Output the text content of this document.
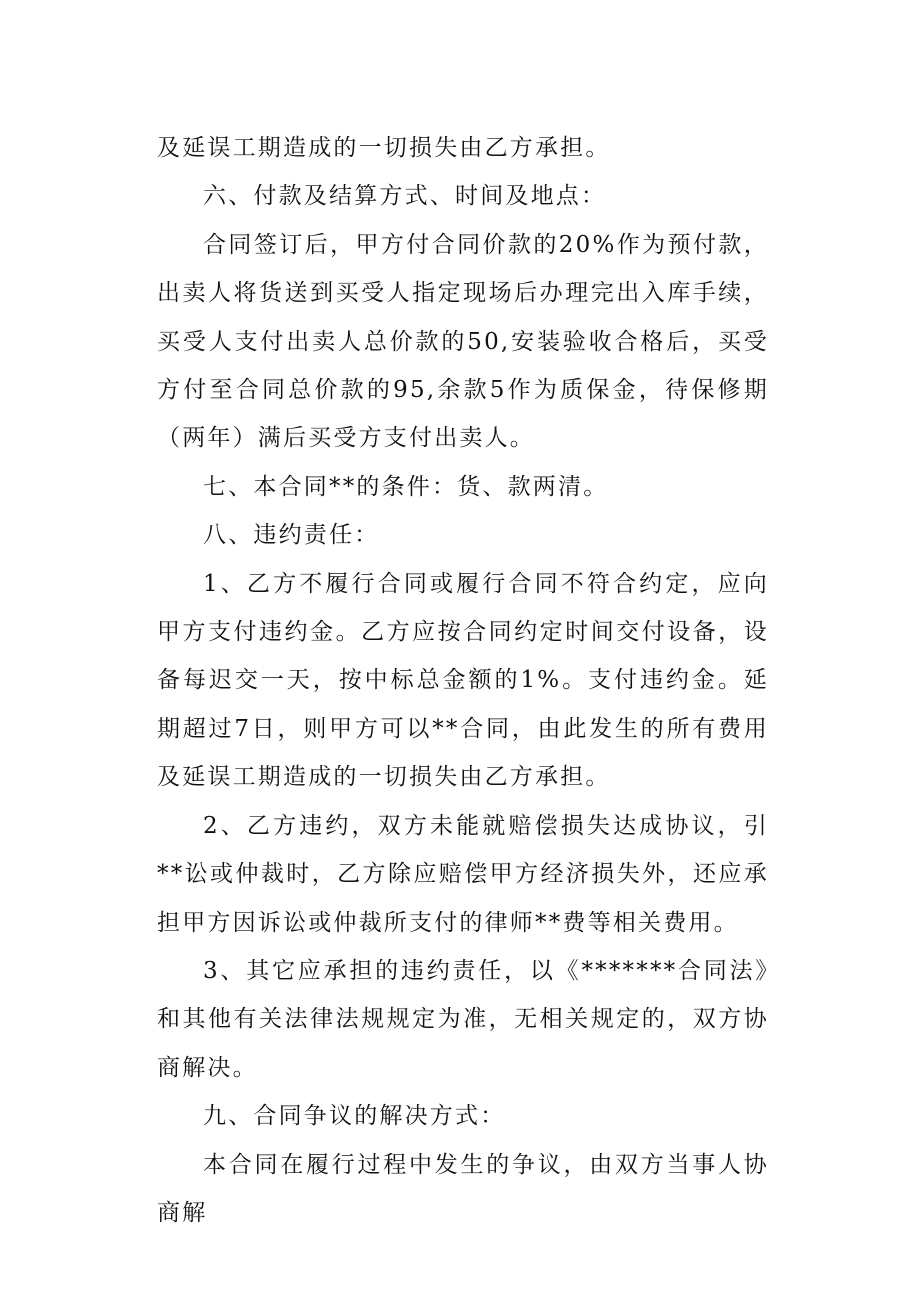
及延误工期造成的一切损失由乙方承担。

六、付款及结算方式、时间及地点：

合同签订后，甲方付合同价款的20%作为预付款，出卖人将货送到买受人指定现场后办理完出入库手续，买受人支付出卖人总价款的50,安装验收合格后，买受方付至合同总价款的95,余款5作为质保金，待保修期（两年）满后买受方支付出卖人。

七、本合同**的条件：货、款两清。

八、违约责任：

1、乙方不履行合同或履行合同不符合约定，应向甲方支付违约金。乙方应按合同约定时间交付设备，设备每迟交一天，按中标总金额的1%。支付违约金。延期超过7日，则甲方可以**合同，由此发生的所有费用及延误工期造成的一切损失由乙方承担。

2、乙方违约，双方未能就赔偿损失达成协议，引**讼或仲裁时，乙方除应赔偿甲方经济损失外，还应承担甲方因诉讼或仲裁所支付的律师**费等相关费用。

3、其它应承担的违约责任，以《*******合同法》和其他有关法律法规规定为准，无相关规定的，双方协商解决。

九、合同争议的解决方式：

本合同在履行过程中发生的争议，由双方当事人协商解
